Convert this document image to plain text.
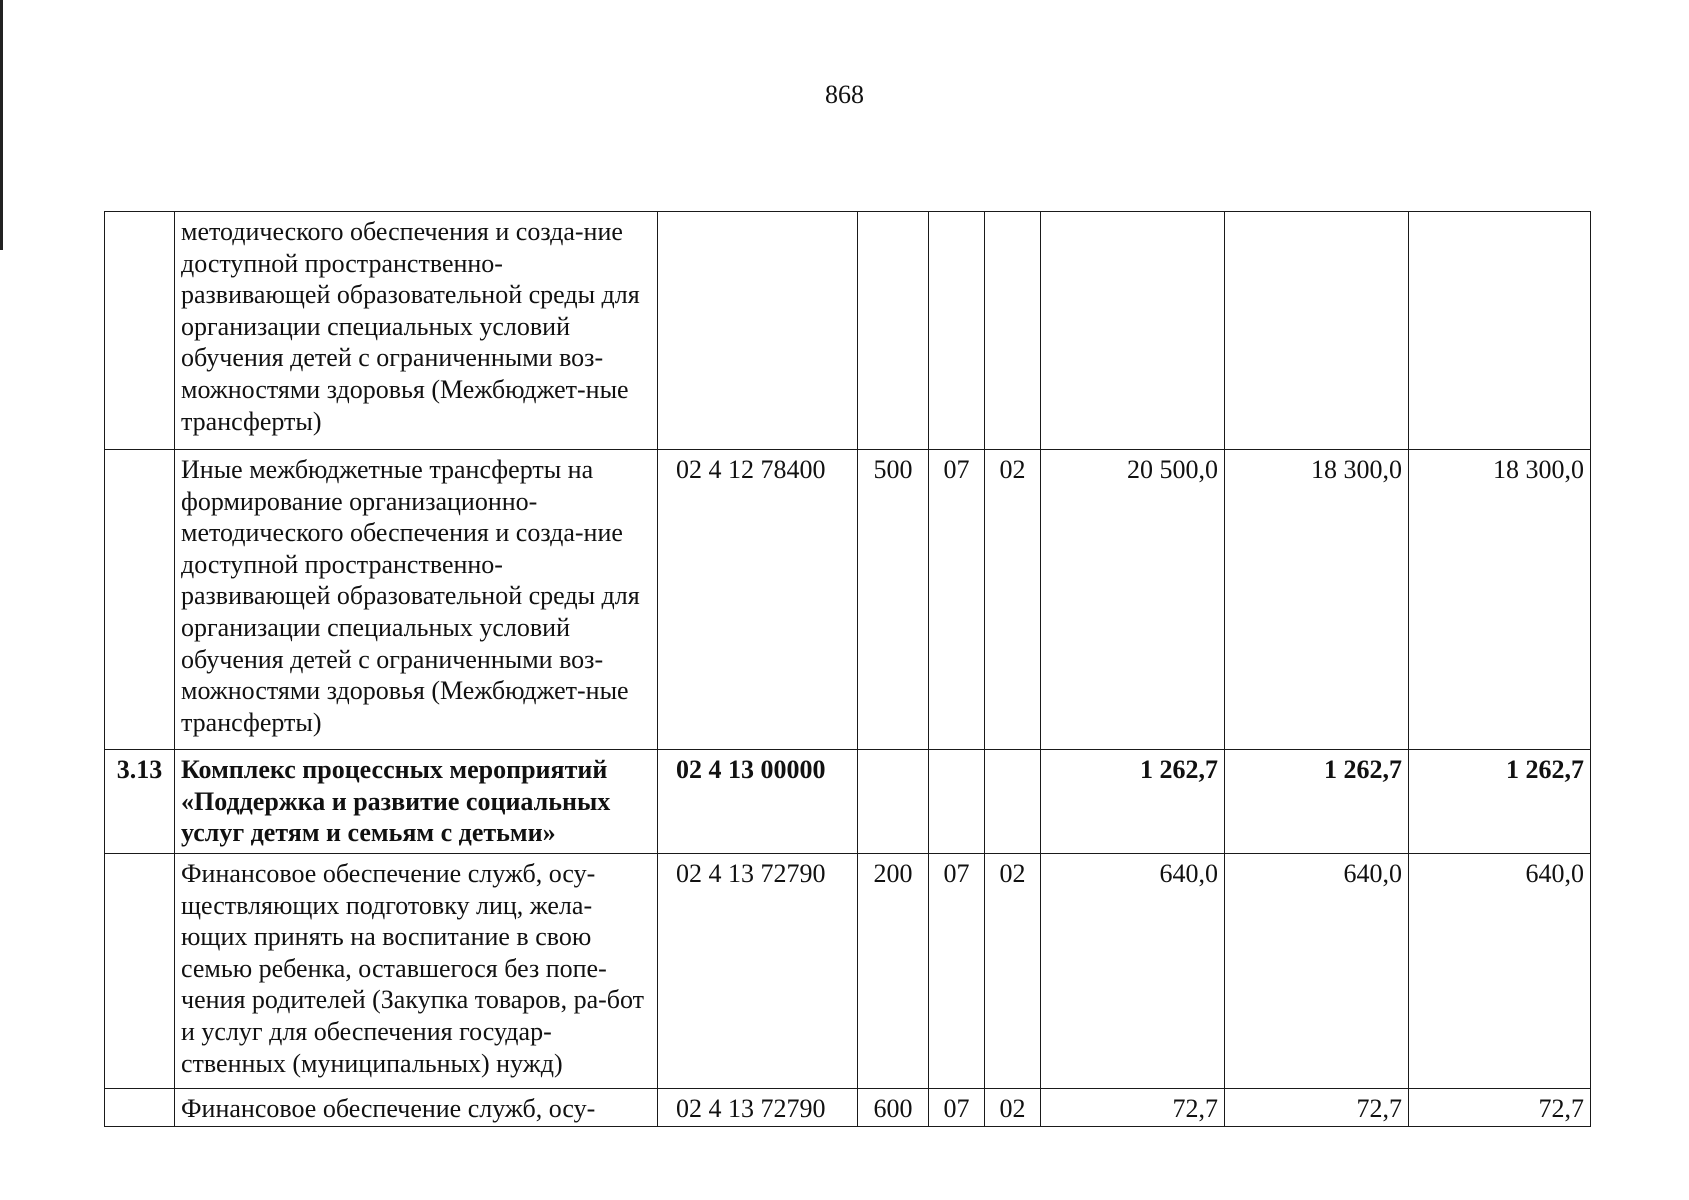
868
	методического обеспечения и созда-ние доступной пространственно-развивающей образовательной среды для организации специальных условий обучения детей с ограниченными воз-можностями здоровья (Межбюджет-ные трансферты)							
	Иные межбюджетные трансферты на формирование организационно-методического обеспечения и созда-ние доступной пространственно-развивающей образовательной среды для организации специальных условий обучения детей с ограниченными воз-можностями здоровья (Межбюджет-ные трансферты)	02 4 12 78400	500	07	02	20 500,0	18 300,0	18 300,0
3.13	Комплекс процессных мероприятий «Поддержка и развитие социальных услуг детям и семьям с детьми»	02 4 13 00000				1 262,7	1 262,7	1 262,7
	Финансовое обеспечение служб, осу-ществляющих подготовку лиц, жела-ющих принять на воспитание в свою семью ребенка, оставшегося без попе-чения родителей (Закупка товаров, ра-бот и услуг для обеспечения государ-ственных (муниципальных) нужд)	02 4 13 72790	200	07	02	640,0	640,0	640,0
	Финансовое обеспечение служб, осу-	02 4 13 72790	600	07	02	72,7	72,7	72,7
